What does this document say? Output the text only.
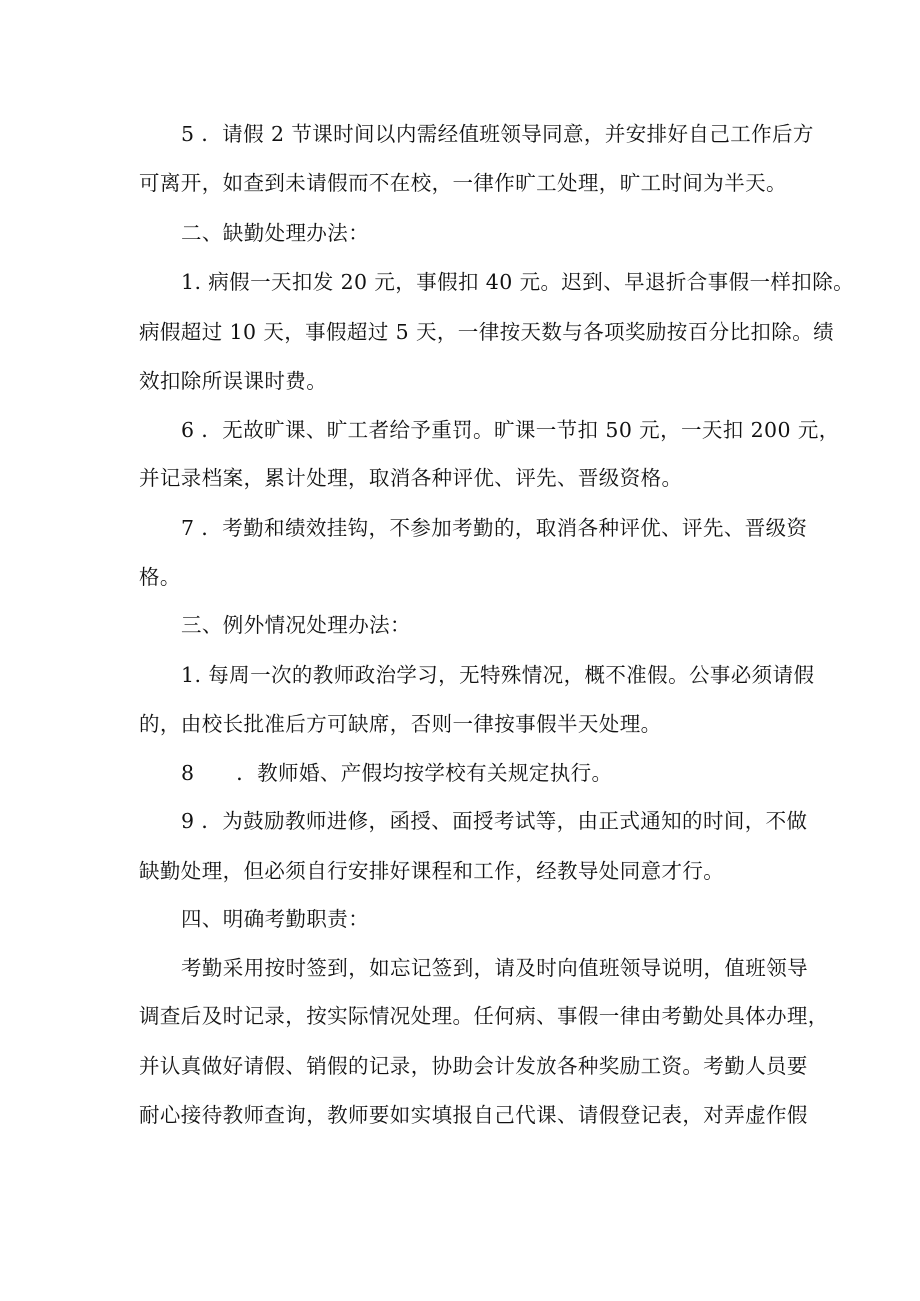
5 ．请假 2 节课时间以内需经值班领导同意，并安排好自己工作后方
可离开，如查到未请假而不在校，一律作旷工处理，旷工时间为半天。
二、缺勤处理办法：
1. 病假一天扣发 20 元，事假扣 40 元。迟到、早退折合事假一样扣除。
病假超过 10 天，事假超过 5 天，一律按天数与各项奖励按百分比扣除。绩
效扣除所误课时费。
6 ．无故旷课、旷工者给予重罚。旷课一节扣 50 元，一天扣 200 元，
并记录档案，累计处理，取消各种评优、评先、晋级资格。
7 ．考勤和绩效挂钩，不参加考勤的，取消各种评优、评先、晋级资
格。
三、例外情况处理办法：
1. 每周一次的教师政治学习，无特殊情况，概不准假。公事必须请假
的，由校长批准后方可缺席，否则一律按事假半天处理。
8　　．教师婚、产假均按学校有关规定执行。
9 ．为鼓励教师进修，函授、面授考试等，由正式通知的时间，不做
缺勤处理，但必须自行安排好课程和工作，经教导处同意才行。
四、明确考勤职责：
考勤采用按时签到，如忘记签到，请及时向值班领导说明，值班领导
调查后及时记录，按实际情况处理。任何病、事假一律由考勤处具体办理，
并认真做好请假、销假的记录，协助会计发放各种奖励工资。考勤人员要
耐心接待教师查询，教师要如实填报自己代课、请假登记表，对弄虚作假
